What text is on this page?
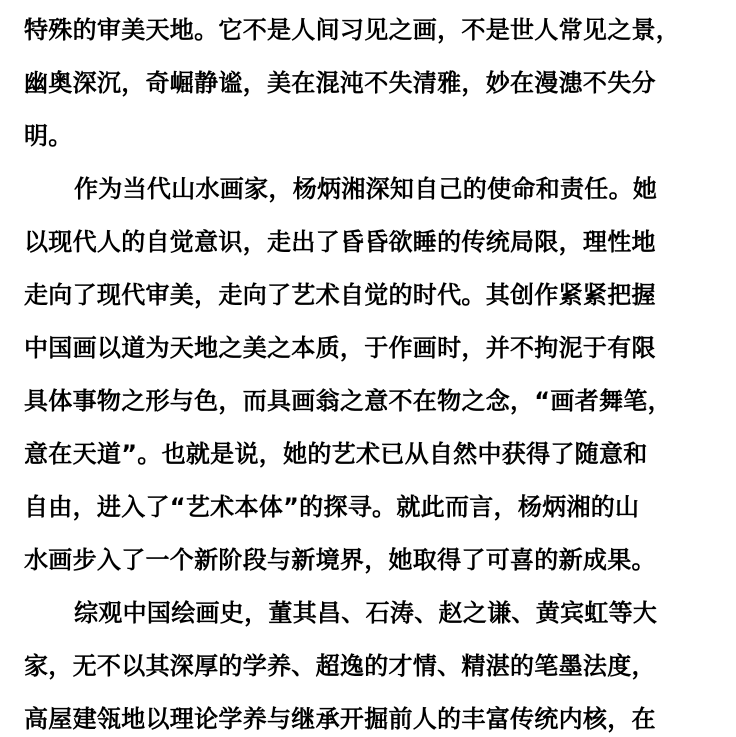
特殊的审美天地。它不是人间习见之画，不是世人常见之景，
幽奥深沉，奇崛静谧，美在混沌不失清雅，妙在漫漶不失分
明。
作为当代山水画家，杨炳湘深知自己的使命和责任。她
以现代人的自觉意识，走出了昏昏欲睡的传统局限，理性地
走向了现代审美，走向了艺术自觉的时代。其创作紧紧把握
中国画以道为天地之美之本质，于作画时，并不拘泥于有限
具体事物之形与色，而具画翁之意不在物之念，“画者舞笔，
意在天道”。也就是说，她的艺术已从自然中获得了随意和
自由，进入了“艺术本体”的探寻。就此而言，杨炳湘的山
水画步入了一个新阶段与新境界，她取得了可喜的新成果。
综观中国绘画史，董其昌、石涛、赵之谦、黄宾虹等大
家，无不以其深厚的学养、超逸的才情、精湛的笔墨法度，
高屋建瓴地以理论学养与继承开掘前人的丰富传统内核，在
